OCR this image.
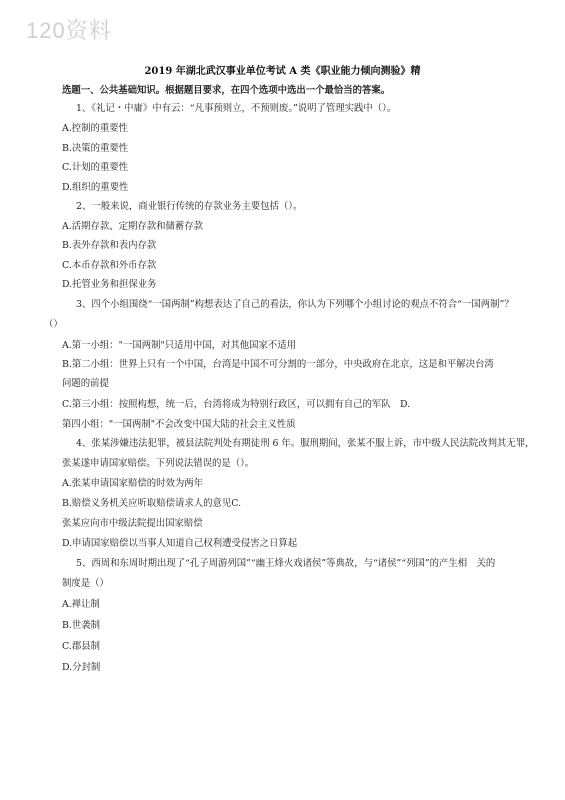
120资料
2019 年湖北武汉事业单位考试 A 类《职业能力倾向测验》精
选题一、公共基础知识。根据题目要求，在四个选项中选出一个最恰当的答案。
1、《礼记・中庸》中有云：“凡事预则立，不预则废。”说明了管理实践中（）。
A.控制的重要性
B.决策的重要性
C.计划的重要性
D.组织的重要性
2、一般来说，商业银行传统的存款业务主要包括（）。
A.活期存款、定期存款和储蓄存款
B.表外存款和表内存款
C.本币存款和外币存款
D.托管业务和担保业务
3、四个小组围绕“一国两制”构想表达了自己的看法，你认为下列哪个小组讨论的观点不符合“一国两制”？
（）
A.第一小组："一国两制"只适用中国，对其他国家不适用
B.第二小组：世界上只有一个中国，台湾是中国不可分割的一部分，中央政府在北京，这是和平解决台湾
问题的前提
C.第三小组：按照构想，统一后，台湾将成为特别行政区，可以拥有自己的军队　D.
第四小组："一国两制"不会改变中国大陆的社会主义性质
4、张某涉嫌违法犯罪，被县法院判处有期徒刑 6 年。服刑期间，张某不服上诉，市中级人民法院改判其无罪，
张某遂申请国家赔偿。下列说法错误的是（）。
A.张某申请国家赔偿的时效为两年
B.赔偿义务机关应听取赔偿请求人的意见C.
张某应向市中级法院提出国家赔偿
D.申请国家赔偿以当事人知道自己权利遭受侵害之日算起
5、西周和东周时期出现了“孔子周游列国”“幽王烽火戏诸侯”等典故，与“诸侯”“列国”的产生相　关的
制度是（）
A.禅让制
B.世袭制
C.郡县制
D.分封制
